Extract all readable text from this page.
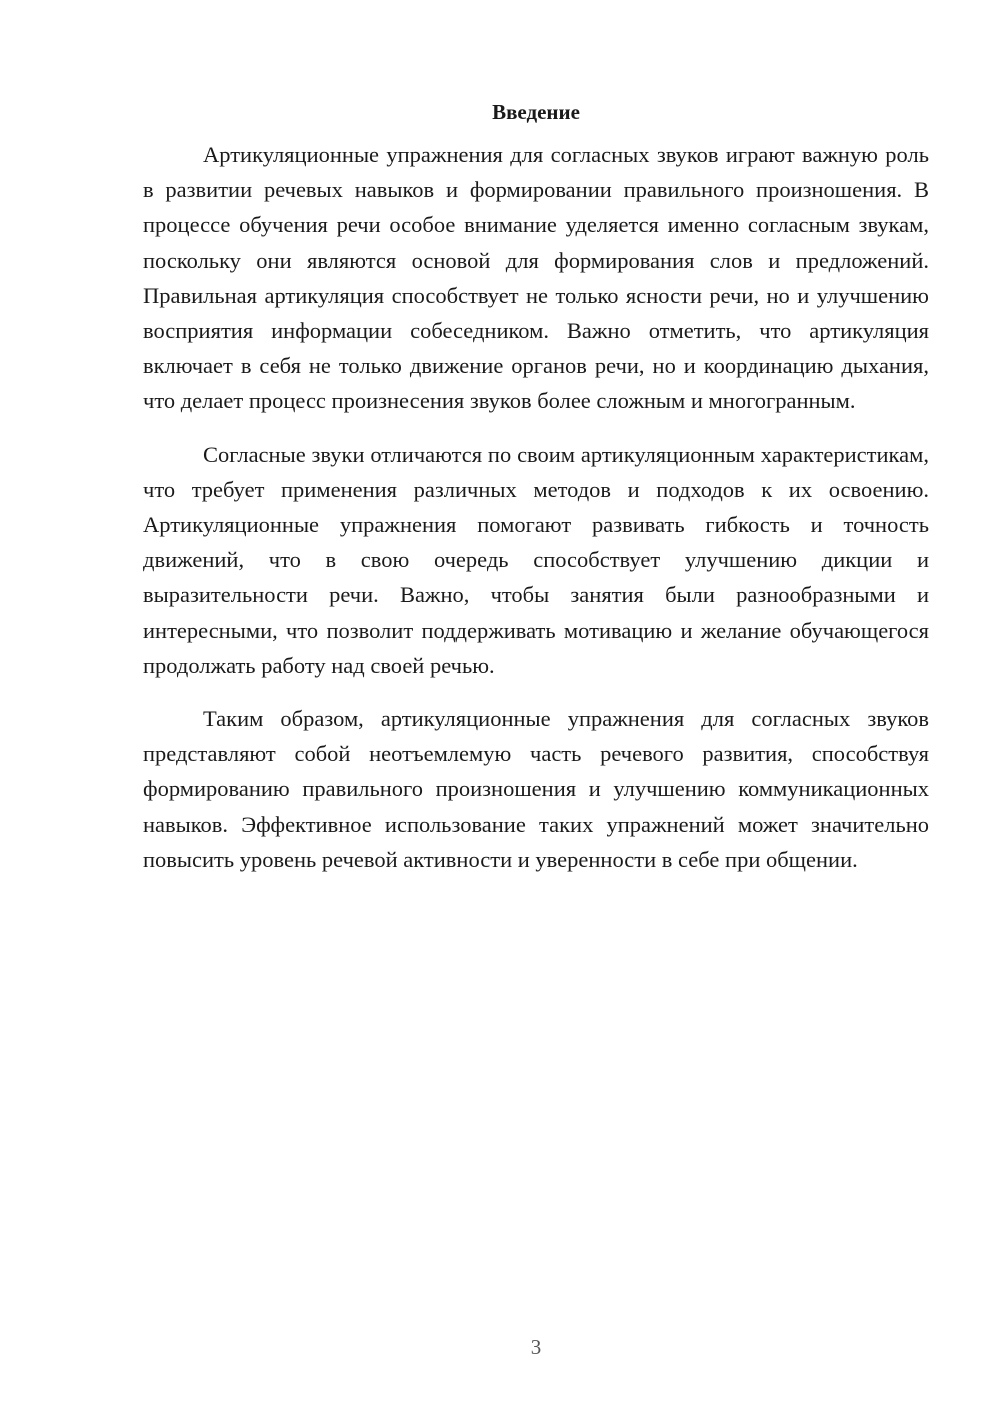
Введение

Артикуляционные упражнения для согласных звуков играют важную роль в развитии речевых навыков и формировании правильного произношения. В процессе обучения речи особое внимание уделяется именно согласным звукам, поскольку они являются основой для формирования слов и предложений. Правильная артикуляция способствует не только ясности речи, но и улучшению восприятия информации собеседником. Важно отметить, что артикуляция включает в себя не только движение органов речи, но и координацию дыхания, что делает процесс произнесения звуков более сложным и многогранным.

Согласные звуки отличаются по своим артикуляционным характеристикам, что требует применения различных методов и подходов к их освоению. Артикуляционные упражнения помогают развивать гибкость и точность движений, что в свою очередь способствует улучшению дикции и выразительности речи. Важно, чтобы занятия были разнообразными и интересными, что позволит поддерживать мотивацию и желание обучающегося продолжать работу над своей речью.

Таким образом, артикуляционные упражнения для согласных звуков представляют собой неотъемлемую часть речевого развития, способствуя формированию правильного произношения и улучшению коммуникационных навыков. Эффективное использование таких упражнений может значительно повысить уровень речевой активности и уверенности в себе при общении.

3
